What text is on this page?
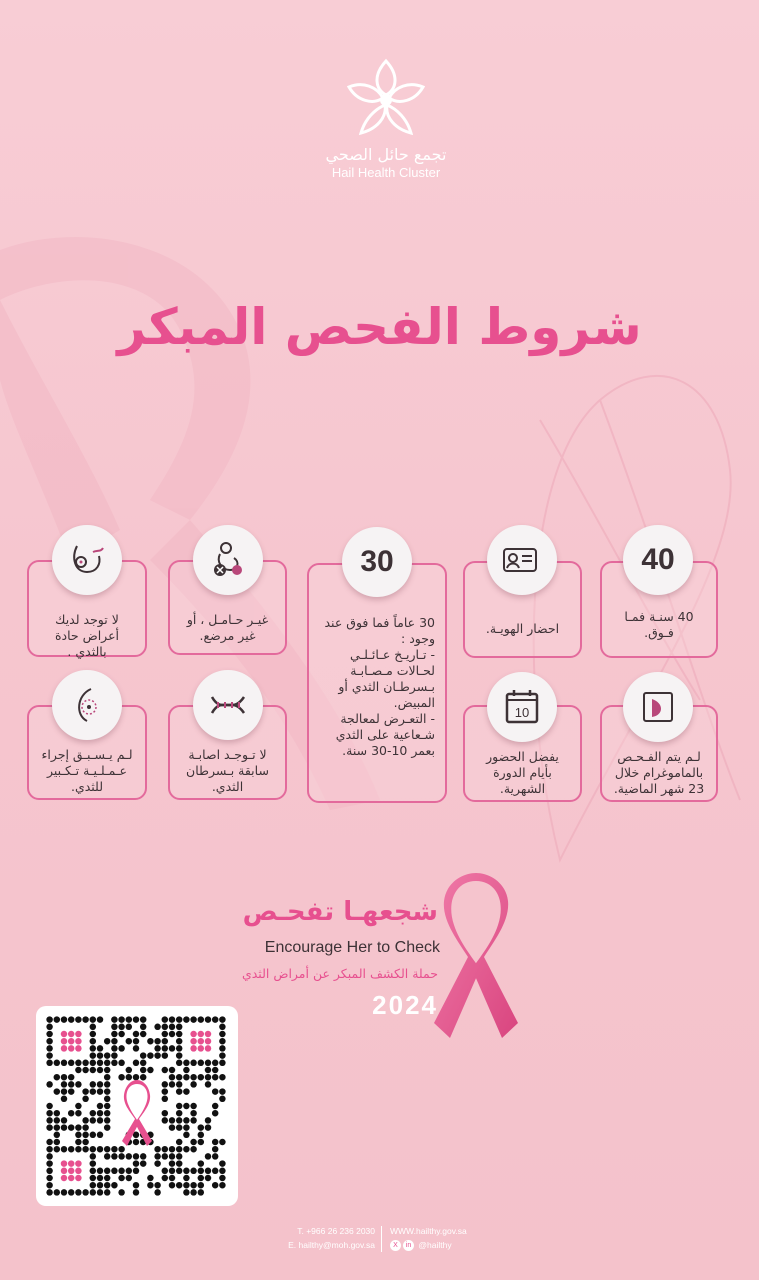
تجمع حائل الصحي
Hail Health Cluster
شروط الفحص المبكر
40 سنـة فمـا فـوق.
40
احضار الهويـة.
30 عاماً فما فوق عند
وجود :
- تـاريـخ عـائـلـي
لحـالات مـصـابـة
بـسرطـان الثدي أو
المبيض.
- التعـرض لمعالجة
شـعاعية على الثدي
بعمر 10-30 سنة.
30
غيـر حـامـل ، أو غير مرضع.
لا توجد لديك أعراض حادة بالثدي .
لـم يتم الفـحـص بالماموغرام خلال 23 شهر الماضية.
يفضل الحضور بأيام الدورة الشهرية.
10
لا تـوجـد اصابـة سابقة بـسرطان الثدي.
لـم يـسـبـق إجراء عـمـلـيـة تـكـبير للثدي.
شجعهـا تفحـص
Encourage Her to Check
حملة الكشف المبكر عن أمراض الثدي
2024
T. +966 26 236 2030
E. hailthy@moh.gov.sa
WWW.hailthy.gov.sa
X in @hailthy
